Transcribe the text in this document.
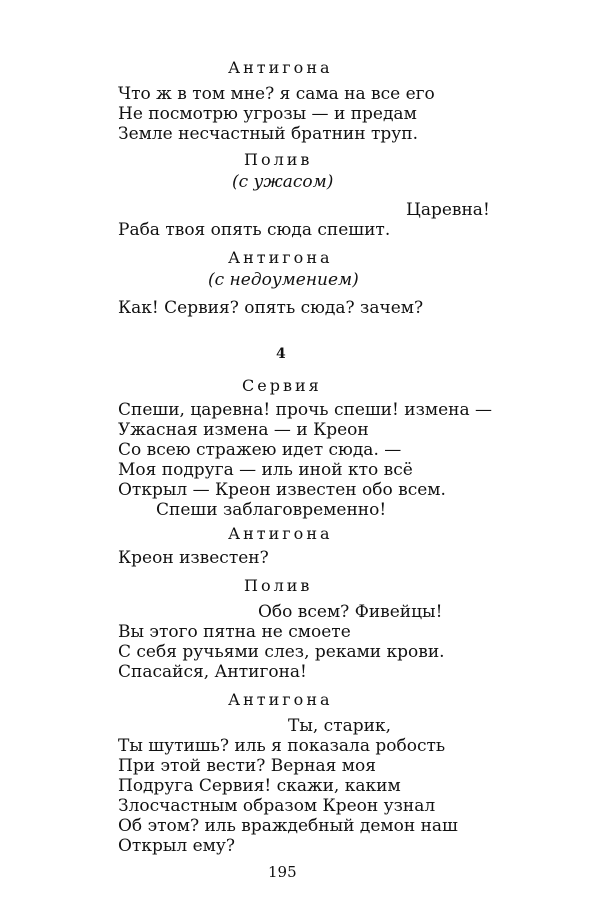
Антигона
Что ж в том мне? я сама на все его
Не посмотрю угрозы — и предам
Земле несчастный братнин труп.
Полив
(с ужасом)
Царевна!
Раба твоя опять сюда спешит.
Антигона
(с недоумением)
Как! Сервия? опять сюда? зачем?
4
Сервия
Спеши, царевна! прочь спеши! измена —
Ужасная измена — и Креон
Со всею стражею идет сюда. —
Моя подруга — иль иной кто всё
Открыл — Креон известен обо всем.
Спеши заблаговременно!
Антигона
Креон известен?
Полив
Обо всем? Фивейцы!
Вы этого пятна не смоете
С себя ручьями слез, реками крови.
Спасайся, Антигона!
Антигона
Ты, старик,
Ты шутишь? иль я показала робость
При этой вести? Верная моя
Подруга Сервия! скажи, каким
Злосчастным образом Креон узнал
Об этом? иль враждебный демон наш
Открыл ему?
195
